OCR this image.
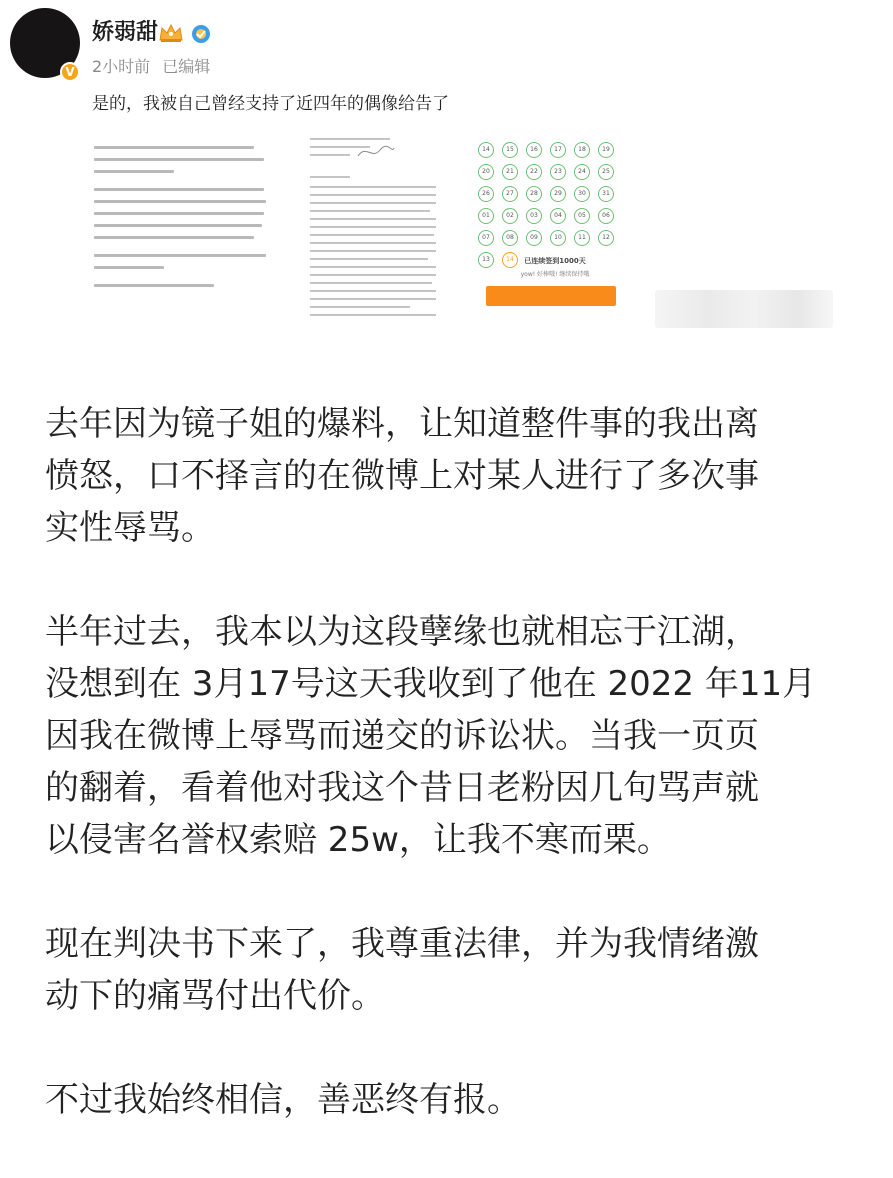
V
娇弱甜
2小时前 已编辑
是的，我被自己曾经支持了近四年的偶像给告了
14	15	16	17	18	19
20	21	22	23	24	25
26	27	28	29	30	31
01	02	03	04	05	06
07	08	09	10	11	12
13	14	已连续签到1000天
yow! 好棒哦! 继续保持哦

去年因为镜子姐的爆料，让知道整件事的我出离
愤怒，口不择言的在微博上对某人进行了多次事
实性辱骂。

半年过去，我本以为这段孽缘也就相忘于江湖，
没想到在 3月17号这天我收到了他在 2022 年11月
因我在微博上辱骂而递交的诉讼状。当我一页页
的翻着，看着他对我这个昔日老粉因几句骂声就
以侵害名誉权索赔 25w，让我不寒而栗。

现在判决书下来了，我尊重法律，并为我情绪激
动下的痛骂付出代价。

不过我始终相信，善恶终有报。
